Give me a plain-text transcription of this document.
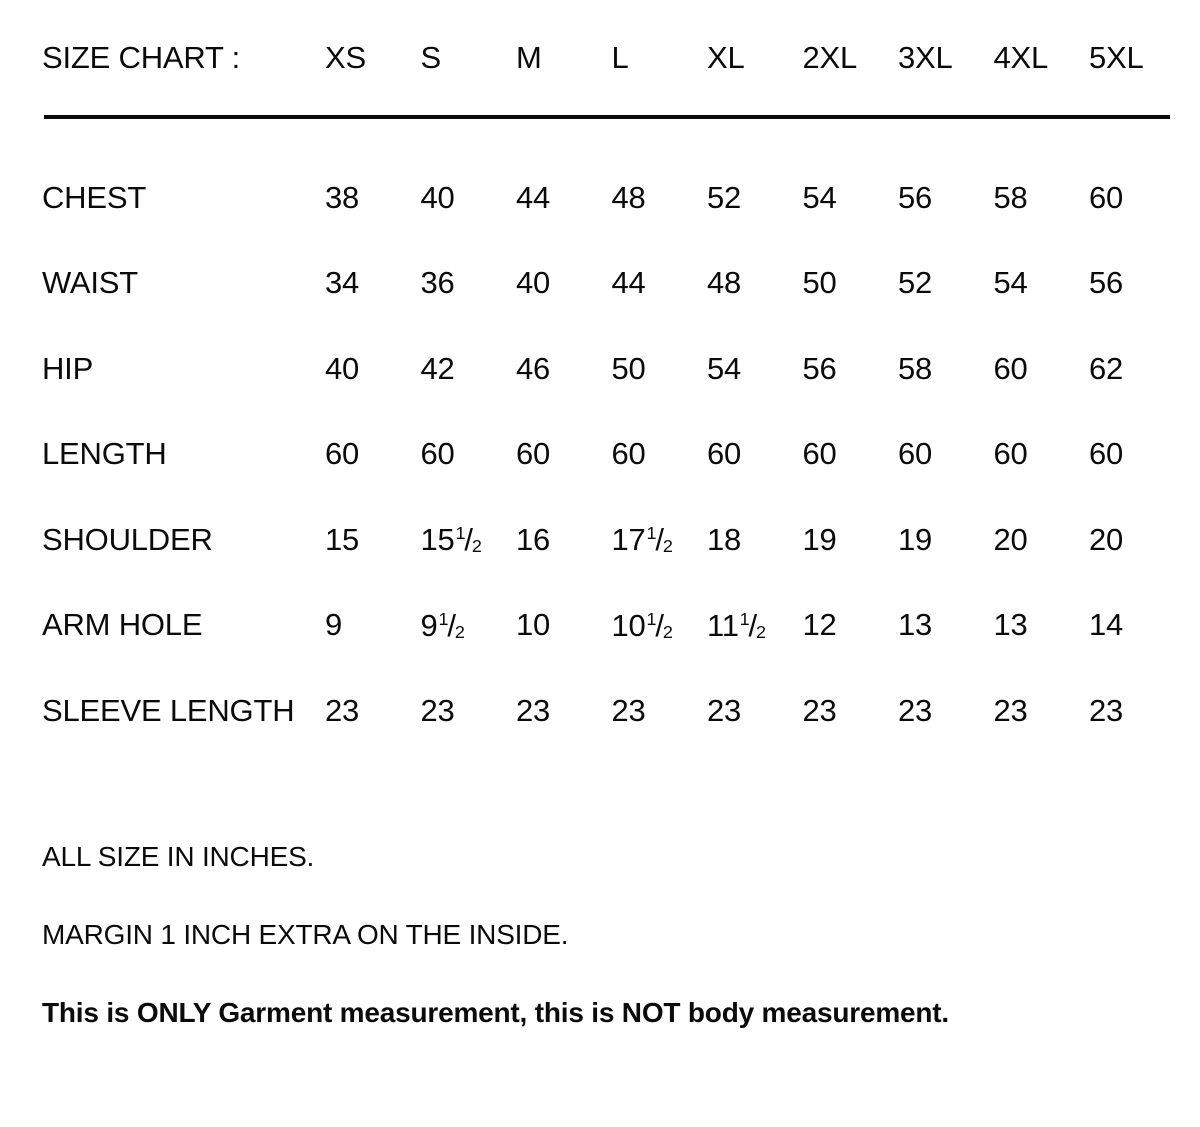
SIZE CHART :	XS	S	M	L	XL	2XL	3XL	4XL	5XL
CHEST	38	40	44	48	52	54	56	58	60
WAIST	34	36	40	44	48	50	52	54	56
HIP	40	42	46	50	54	56	58	60	62
LENGTH	60	60	60	60	60	60	60	60	60
SHOULDER	15	$15^1/2$	16	$17^1/2$	18	19	19	20	20
ARM HOLE	9	$9^1/2$	10	$10^1/2$	$11^1/2$	12	13	13	14
SLEEVE LENGTH 23	23	23	23	23	23	23	23	23

ALL SIZE IN INCHES.

MARGIN 1 INCH EXTRA ON THE INSIDE.

This is ONLY Garment measurement, this is NOT body measurement.
